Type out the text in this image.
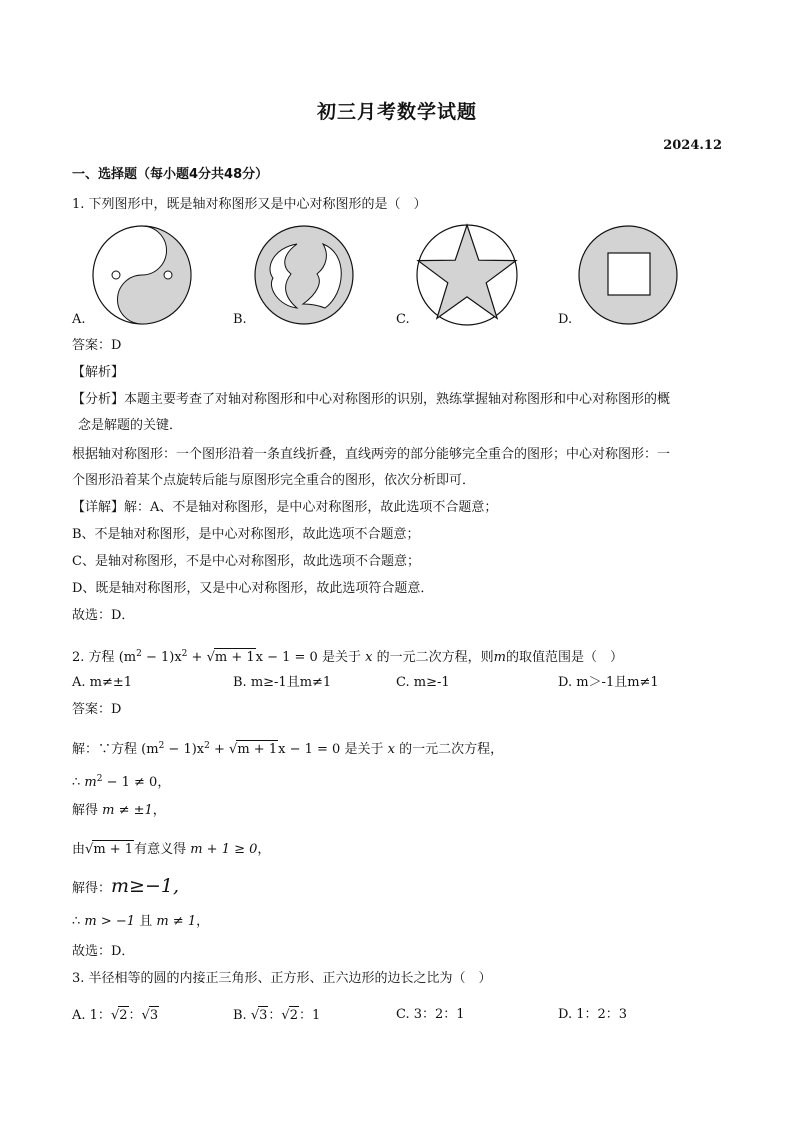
初三月考数学试题
2024.12
一、选择题（每小题4分共48分）
1. 下列图形中，既是轴对称图形又是中心对称图形的是（　）
A.	B.	C.	D.
答案：D
【解析】
【分析】本题主要考查了对轴对称图形和中心对称图形的识别，熟练掌握轴对称图形和中心对称图形的概
念是解题的关键．
根据轴对称图形：一个图形沿着一条直线折叠，直线两旁的部分能够完全重合的图形；中心对称图形：一
个图形沿着某个点旋转后能与原图形完全重合的图形，依次分析即可．
【详解】解：A、不是轴对称图形，是中心对称图形，故此选项不合题意；
B、不是轴对称图形，是中心对称图形，故此选项不合题意；
C、是轴对称图形，不是中心对称图形，故此选项不合题意；
D、既是轴对称图形，又是中心对称图形，故此选项符合题意．
故选：D．
2. 方程 $(m^2 - 1)x^2 + √m + 1x - 1 = 0$ 是关于 x 的一元二次方程，则m的取值范围是（　）
A. m≠±1	B. m≥-1且m≠1	C. m≥-1	D. m＞-1且m≠1
答案：D
解：∵方程 $(m^2 - 1)x^2 + √m + 1x - 1 = 0$ 是关于 x 的一元二次方程，
∴ $m^2 - 1 \ne 0$，
解得 m ≠ ±1，
由√m + 1有意义得 m + 1 ≥ 0，
解得：m≥−1,
∴ m > −1 且 m ≠ 1，
故选：D．
3. 半径相等的圆的内接正三角形、正方形、正六边形的边长之比为（　）
A. 1：√2：√3	B. √3：√2：1	C. 3：2：1	D. 1：2：3
